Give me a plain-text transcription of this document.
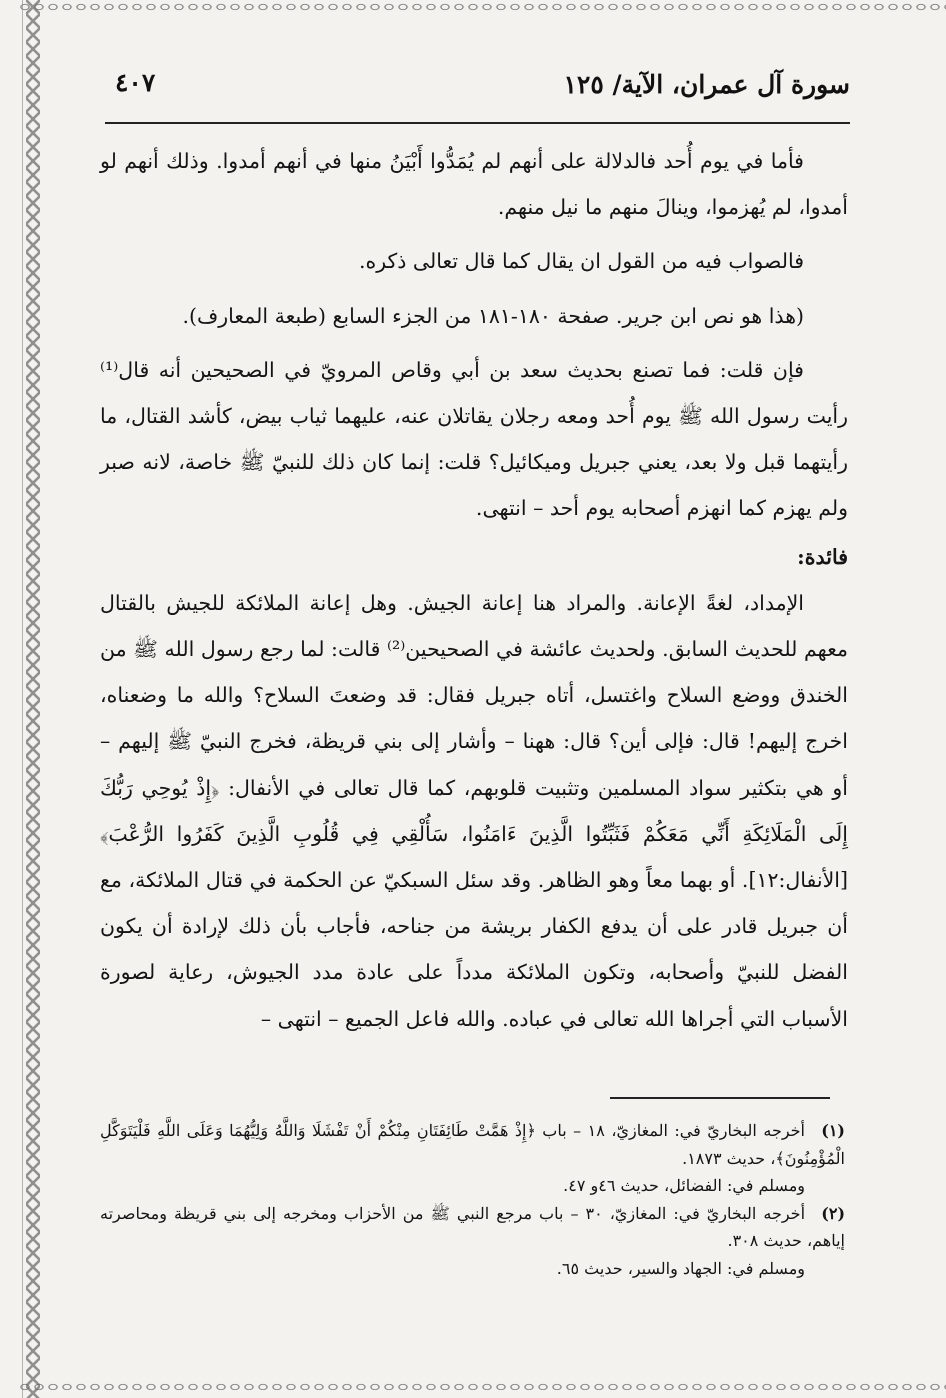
سورة آل عمران، الآية/ ١٢٥
٤٠٧

فأما في يوم أُحد فالدلالة على أنهم لم يُمَدُّوا أَبْيَنُ منها في أنهم أمدوا. وذلك أنهم لو أمدوا، لم يُهزموا، وينالَ منهم ما نيل منهم.

فالصواب فيه من القول ان يقال كما قال تعالى ذكره.

(هذا هو نص ابن جرير. صفحة ١٨٠-١٨١ من الجزء السابع (طبعة المعارف).

فإن قلت: فما تصنع بحديث سعد بن أبي وقاص المرويّ في الصحيحين أنه قال⁽¹⁾ رأيت رسول الله ﷺ يوم أُحد ومعه رجلان يقاتلان عنه، عليهما ثياب بيض، كأشد القتال، ما رأيتهما قبل ولا بعد، يعني جبريل وميكائيل؟ قلت: إنما كان ذلك للنبيّ ﷺ خاصة، لانه صبر ولم يهزم كما انهزم أصحابه يوم أحد – انتهى.

فائدة:

الإمداد، لغةً الإعانة. والمراد هنا إعانة الجيش. وهل إعانة الملائكة للجيش بالقتال معهم للحديث السابق. ولحديث عائشة في الصحيحين⁽²⁾ قالت: لما رجع رسول الله ﷺ من الخندق ووضع السلاح واغتسل، أتاه جبريل فقال: قد وضعتَ السلاح؟ والله ما وضعناه، اخرج إليهم! قال: فإلى أين؟ قال: ههنا – وأشار إلى بني قريظة، فخرج النبيّ ﷺ إليهم – أو هي بتكثير سواد المسلمين وتثبيت قلوبهم، كما قال تعالى في الأنفال: ﴿إِذْ يُوحِي رَبُّكَ إِلَى الْمَلَائِكَةِ أَنِّي مَعَكُمْ فَثَبِّتُوا الَّذِينَ ءَامَنُوا، سَأُلْقِي فِي قُلُوبِ الَّذِينَ كَفَرُوا الرُّعْبَ﴾ [الأنفال:١٢]. أو بهما معاً وهو الظاهر. وقد سئل السبكيّ عن الحكمة في قتال الملائكة، مع أن جبريل قادر على أن يدفع الكفار بريشة من جناحه، فأجاب بأن ذلك لإرادة أن يكون الفضل للنبيّ وأصحابه، وتكون الملائكة مدداً على عادة مدد الجيوش، رعاية لصورة الأسباب التي أجراها الله تعالى في عباده. والله فاعل الجميع – انتهى –

(١)أخرجه البخاريّ في: المغازيّ، ١٨ – باب ﴿إِذْ هَمَّتْ طَائِفَتَانِ مِنْكُمْ أَنْ تَفْشَلَا وَاللَّهُ وَلِيُّهُمَا وَعَلَى اللَّهِ فَلْيَتَوَكَّلِ الْمُؤْمِنُونَ﴾، حديث ١٨٧٣.

ومسلم في: الفضائل، حديث ٤٦و ٤٧.

(٢)أخرجه البخاريّ في: المغازيّ، ٣٠ – باب مرجع النبي ﷺ من الأحزاب ومخرجه إلى بني قريظة ومحاصرته إياهم، حديث ٣٠٨.

ومسلم في: الجهاد والسير، حديث ٦٥.
